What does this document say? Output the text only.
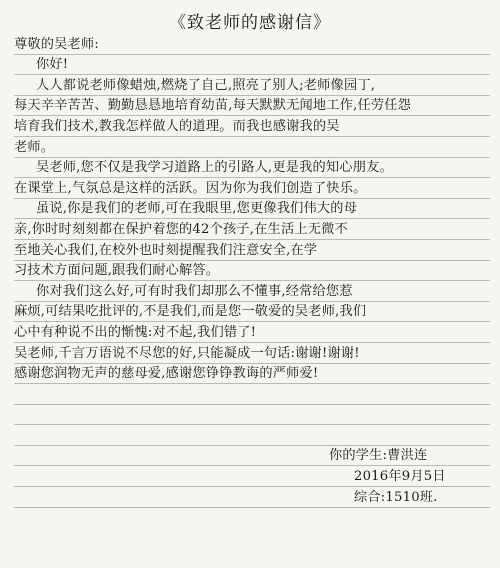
《致老师的感谢信》
尊敬的吴老师:
你好!
人人都说老师像蜡烛,燃烧了自己,照亮了别人;老师像园丁,
每天辛辛苦苦、勤勤恳恳地培育幼苗,每天默默无闻地工作,任劳任怨
培育我们技术,教我怎样做人的道理。而我也感谢我的吴
老师。
吴老师,您不仅是我学习道路上的引路人,更是我的知心朋友。
在课堂上,气氛总是这样的活跃。因为你为我们创造了快乐。
虽说,你是我们的老师,可在我眼里,您更像我们伟大的母
亲,你时时刻刻都在保护着您的42个孩子,在生活上无微不
至地关心我们,在校外也时刻提醒我们注意安全,在学
习技术方面问题,跟我们耐心解答。
你对我们这么好,可有时我们却那么不懂事,经常给您惹
麻烦,可结果吃批评的,不是我们,而是您一敬爱的吴老师,我们
心中有种说不出的惭愧:对不起,我们错了!
吴老师,千言万语说不尽您的好,只能凝成一句话:谢谢!谢谢!
感谢您润物无声的慈母爱,感谢您铮铮教诲的严师爱!
你的学生:曹洪连
2016年9月5日
综合:1510班.
